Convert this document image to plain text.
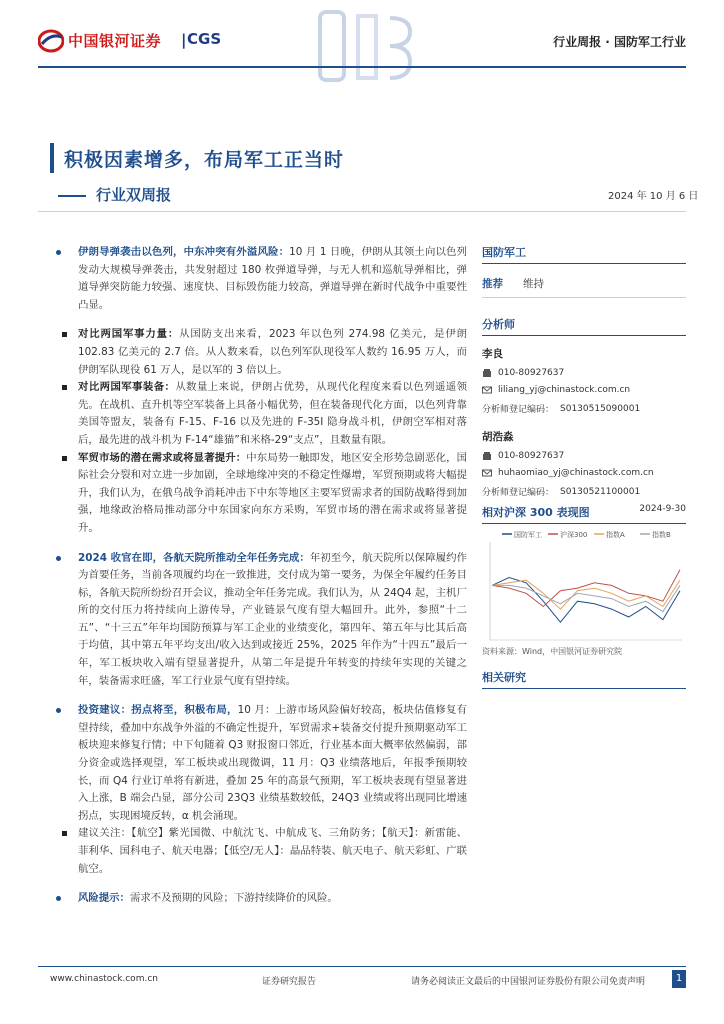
中国银河证券 | CGS	行业周报 · 国防军工行业
积极因素增多，布局军工正当时
行业双周报	2024 年 10 月 6 日
伊朗导弹袭击以色列，中东冲突有外溢风险：10 月 1 日晚，伊朗从其领土向以色列发动大规模导弹袭击，共发射超过 180 枚弹道导弹，与无人机和巡航导弹相比，弹道导弹突防能力较强、速度快、目标毁伤能力较高，弹道导弹在新时代战争中重要性凸显。
对比两国军事力量：从国防支出来看，2023 年以色列 274.98 亿美元，是伊朗 102.83 亿美元的 2.7 倍。从人数来看，以色列军队现役军人数约 16.95 万人，而伊朗军队现役 61 万人，是以军的 3 倍以上。
对比两国军事装备：从数量上来说，伊朗占优势，从现代化程度来看以色列遥遥领先。在战机、直升机等空军装备上具备小幅优势，但在装备现代化方面，以色列背靠美国等盟友，装备有 F-15、F-16 以及先进的 F-35I 隐身战斗机，伊朗空军相对落后，最先进的战斗机为 F-14“雄猫”和米格-29“支点”，且数量有限。
军贸市场的潜在需求或将显著提升：中东局势一触即发，地区安全形势急剧恶化，国际社会分裂和对立进一步加剧，全球地缘冲突的不稳定性爆增，军贸预期或将大幅提升，我们认为，在俄乌战争消耗冲击下中东等地区主要军贸需求者的国防战略得到加强，地缘政治格局推动部分中东国家向东方采购，军贸市场的潜在需求或将显著提升。
2024 收官在即，各航天院所推动全年任务完成：年初至今，航天院所以保障履约作为首要任务，当前各项履约均在一致推进，交付成为第一要务，为保全年履约任务目标，各航天院所纷纷召开会议，推动全年任务完成。我们认为，从 24Q4 起，主机厂所的交付压力将持续向上游传导，产业链景气度有望大幅回升。此外，参照“十二五”、“十三五”年年均国防预算与军工企业的业绩变化，第四年、第五年与比其后高于均值，其中第五年平均支出/收入达到或接近 25%，2025 年作为“十四五”最后一年，军工板块收入端有望显著提升，从第二年是提升年转变的持续年实现的关键之年，装备需求旺盛，军工行业景气度有望持续。
投资建议：拐点将至，积极布局，10 月：上游市场风险偏好较高，板块估值修复有望持续，叠加中东战争外溢的不确定性提升，军贸需求+装备交付提升预期驱动军工板块迎来修复行情；中下旬随着 Q3 财报窗口邻近，行业基本面大概率依然偏弱，部分资金或选择观望，军工板块或出现微调，11 月：Q3 业绩落地后，年报季预期较长，而 Q4 行业订单将有新进，叠加 25 年的高景气预期，军工板块表现有望显著进入上涨，B 端会凸显，部分公司 23Q3 业绩基数较低，24Q3 业绩或将出现同比增速拐点，实现困境反转，α 机会涌现。
建议关注：【航空】紫光国微、中航沈飞、中航成飞、三角防务；【航天】：新雷能、菲利华、国科电子、航天电器；【低空/无人】：晶品特装、航天电子、航天彩虹、广联航空。
风险提示：需求不及预期的风险；下游持续降价的风险。
国防军工
推荐 维持
分析师
李良
010-80927637
liliang_yj@chinastock.com.cn
分析师登记编码： S0130515090001
胡浩淼
010-80927637
huhaomiao_yj@chinastock.com.cn
分析师登记编码： S0130521100001
相对沪深 300 表现图	2024-9-30
国防军工	沪深300	指数A	指数B
资料来源：Wind，中国银河证券研究院
相关研究
www.chinastock.com.cn	证券研究报告	请务必阅读正文最后的中国银河证券股份有限公司免责声明	1
